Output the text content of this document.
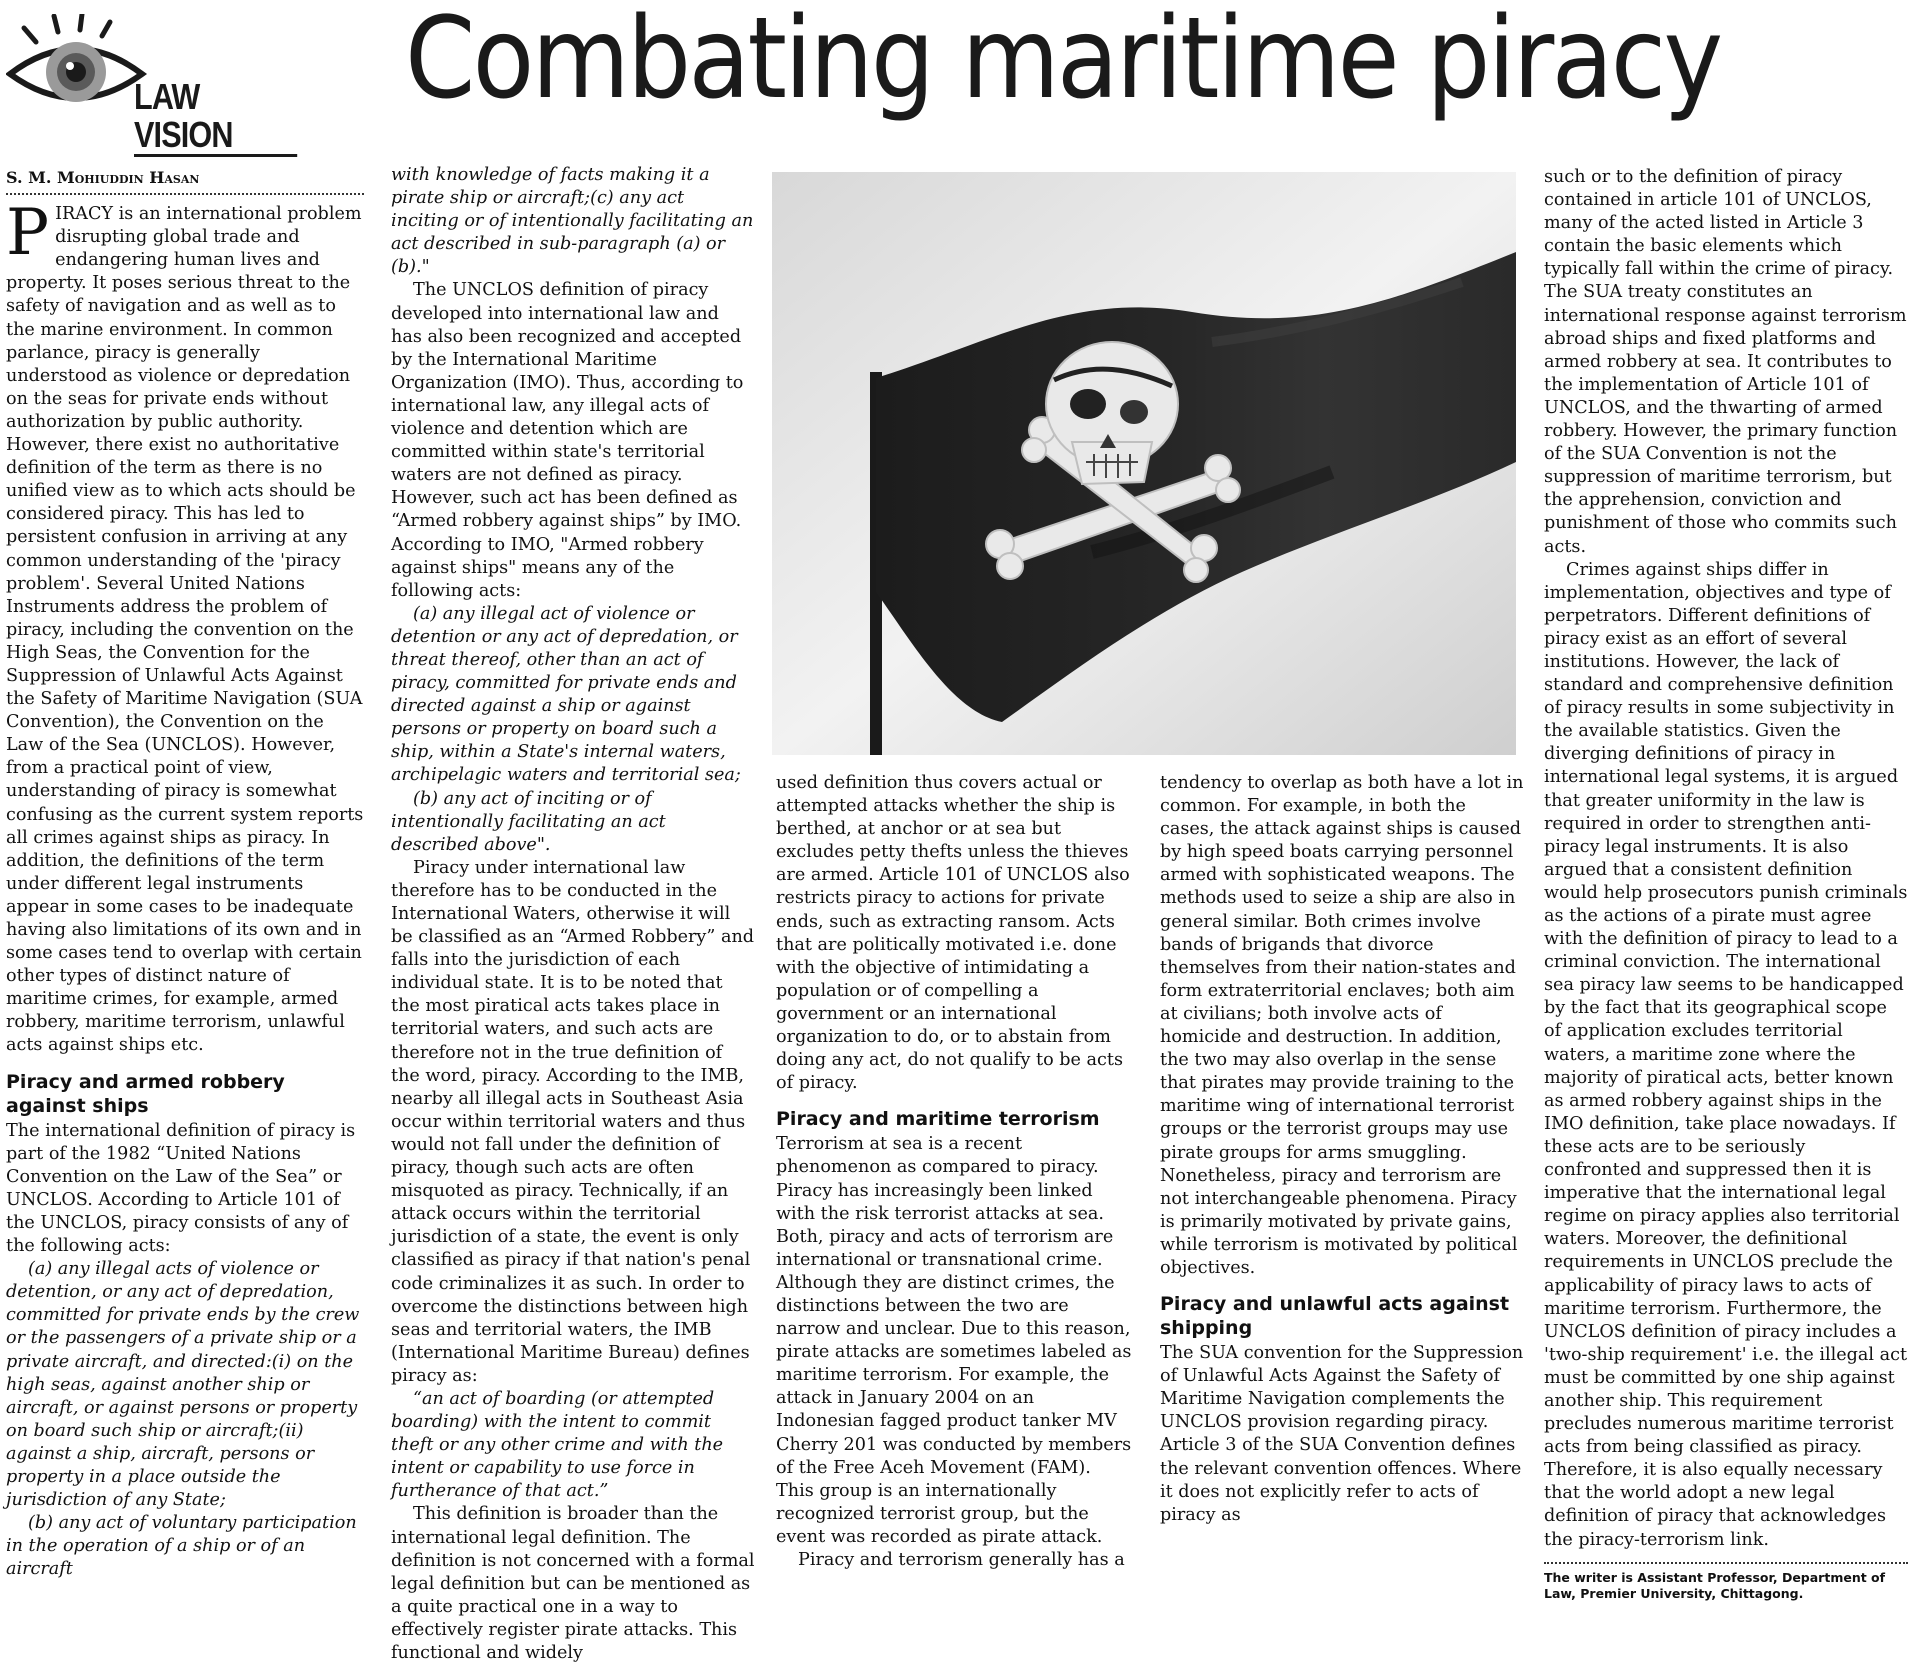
LAW VISION
Combating maritime piracy
S. M. Mohiuddin Hasan

PIRACY is an international problem disrupting global trade and endangering human lives and property. It poses serious threat to the safety of navigation and as well as to the marine environment. In common parlance, piracy is generally understood as violence or depredation on the seas for private ends without authorization by public authority. However, there exist no authoritative definition of the term as there is no unified view as to which acts should be considered piracy. This has led to persistent confusion in arriving at any common understanding of the 'piracy problem'. Several United Nations Instruments address the problem of piracy, including the convention on the High Seas, the Convention for the Suppression of Unlawful Acts Against the Safety of Maritime Navigation (SUA Convention), the Convention on the Law of the Sea (UNCLOS). However, from a practical point of view, understanding of piracy is somewhat confusing as the current system reports all crimes against ships as piracy. In addition, the definitions of the term under different legal instruments appear in some cases to be inadequate having also limitations of its own and in some cases tend to overlap with certain other types of distinct nature of maritime crimes, for example, armed robbery, maritime terrorism, unlawful acts against ships etc.

Piracy and armed robbery against ships

The international definition of piracy is part of the 1982 “United Nations Convention on the Law of the Sea” or UNCLOS. According to Article 101 of the UNCLOS, piracy consists of any of the following acts:

(a) any illegal acts of violence or detention, or any act of depredation, committed for private ends by the crew or the passengers of a private ship or a private aircraft, and directed:(i) on the high seas, against another ship or aircraft, or against persons or property on board such ship or aircraft;(ii) against a ship, aircraft, persons or property in a place outside the jurisdiction of any State;

(b) any act of voluntary participation in the operation of a ship or of an aircraft

with knowledge of facts making it a pirate ship or aircraft;(c) any act inciting or of intentionally facilitating an act described in sub-paragraph (a) or (b)."

The UNCLOS definition of piracy developed into international law and has also been recognized and accepted by the International Maritime Organization (IMO). Thus, according to international law, any illegal acts of violence and detention which are committed within state's territorial waters are not defined as piracy. However, such act has been defined as “Armed robbery against ships” by IMO. According to IMO, "Armed robbery against ships" means any of the following acts:

(a) any illegal act of violence or detention or any act of depredation, or threat thereof, other than an act of piracy, committed for private ends and directed against a ship or against persons or property on board such a ship, within a State's internal waters, archipelagic waters and territorial sea;

(b) any act of inciting or of intentionally facilitating an act described above".

Piracy under international law therefore has to be conducted in the International Waters, otherwise it will be classified as an “Armed Robbery” and falls into the jurisdiction of each individual state. It is to be noted that the most piratical acts takes place in territorial waters, and such acts are therefore not in the true definition of the word, piracy. According to the IMB, nearby all illegal acts in Southeast Asia occur within territorial waters and thus would not fall under the definition of piracy, though such acts are often misquoted as piracy. Technically, if an attack occurs within the territorial jurisdiction of a state, the event is only classified as piracy if that nation's penal code criminalizes it as such. In order to overcome the distinctions between high seas and territorial waters, the IMB (International Maritime Bureau) defines piracy as:

“an act of boarding (or attempted boarding) with the intent to commit theft or any other crime and with the intent or capability to use force in furtherance of that act.”

This definition is broader than the international legal definition. The definition is not concerned with a formal legal definition but can be mentioned as a quite practical one in a way to effectively register pirate attacks. This functional and widely

used definition thus covers actual or attempted attacks whether the ship is berthed, at anchor or at sea but excludes petty thefts unless the thieves are armed. Article 101 of UNCLOS also restricts piracy to actions for private ends, such as extracting ransom. Acts that are politically motivated i.e. done with the objective of intimidating a population or of compelling a government or an international organization to do, or to abstain from doing any act, do not qualify to be acts of piracy.

Piracy and maritime terrorism

Terrorism at sea is a recent phenomenon as compared to piracy. Piracy has increasingly been linked with the risk terrorist attacks at sea. Both, piracy and acts of terrorism are international or transnational crime. Although they are distinct crimes, the distinctions between the two are narrow and unclear. Due to this reason, pirate attacks are sometimes labeled as maritime terrorism. For example, the attack in January 2004 on an Indonesian fagged product tanker MV Cherry 201 was conducted by members of the Free Aceh Movement (FAM). This group is an internationally recognized terrorist group, but the event was recorded as pirate attack.

Piracy and terrorism generally has a

tendency to overlap as both have a lot in common. For example, in both the cases, the attack against ships is caused by high speed boats carrying personnel armed with sophisticated weapons. The methods used to seize a ship are also in general similar. Both crimes involve bands of brigands that divorce themselves from their nation-states and form extraterritorial enclaves; both aim at civilians; both involve acts of homicide and destruction. In addition, the two may also overlap in the sense that pirates may provide training to the maritime wing of international terrorist groups or the terrorist groups may use pirate groups for arms smuggling. Nonetheless, piracy and terrorism are not interchangeable phenomena. Piracy is primarily motivated by private gains, while terrorism is motivated by political objectives.

Piracy and unlawful acts against shipping

The SUA convention for the Suppression of Unlawful Acts Against the Safety of Maritime Navigation complements the UNCLOS provision regarding piracy. Article 3 of the SUA Convention defines the relevant convention offences. Where it does not explicitly refer to acts of piracy as

such or to the definition of piracy contained in article 101 of UNCLOS, many of the acted listed in Article 3 contain the basic elements which typically fall within the crime of piracy. The SUA treaty constitutes an international response against terrorism abroad ships and fixed platforms and armed robbery at sea. It contributes to the implementation of Article 101 of UNCLOS, and the thwarting of armed robbery. However, the primary function of the SUA Convention is not the suppression of maritime terrorism, but the apprehension, conviction and punishment of those who commits such acts.

Crimes against ships differ in implementation, objectives and type of perpetrators. Different definitions of piracy exist as an effort of several institutions. However, the lack of standard and comprehensive definition of piracy results in some subjectivity in the available statistics. Given the diverging definitions of piracy in international legal systems, it is argued that greater uniformity in the law is required in order to strengthen anti-piracy legal instruments. It is also argued that a consistent definition would help prosecutors punish criminals as the actions of a pirate must agree with the definition of piracy to lead to a criminal conviction. The international sea piracy law seems to be handicapped by the fact that its geographical scope of application excludes territorial waters, a maritime zone where the majority of piratical acts, better known as armed robbery against ships in the IMO definition, take place nowadays. If these acts are to be seriously confronted and suppressed then it is imperative that the international legal regime on piracy applies also territorial waters. Moreover, the definitional requirements in UNCLOS preclude the applicability of piracy laws to acts of maritime terrorism. Furthermore, the UNCLOS definition of piracy includes a 'two-ship requirement' i.e. the illegal act must be committed by one ship against another ship. This requirement precludes numerous maritime terrorist acts from being classified as piracy. Therefore, it is also equally necessary that the world adopt a new legal definition of piracy that acknowledges the piracy-terrorism link.

The writer is Assistant Professor, Department of Law, Premier University, Chittagong.
